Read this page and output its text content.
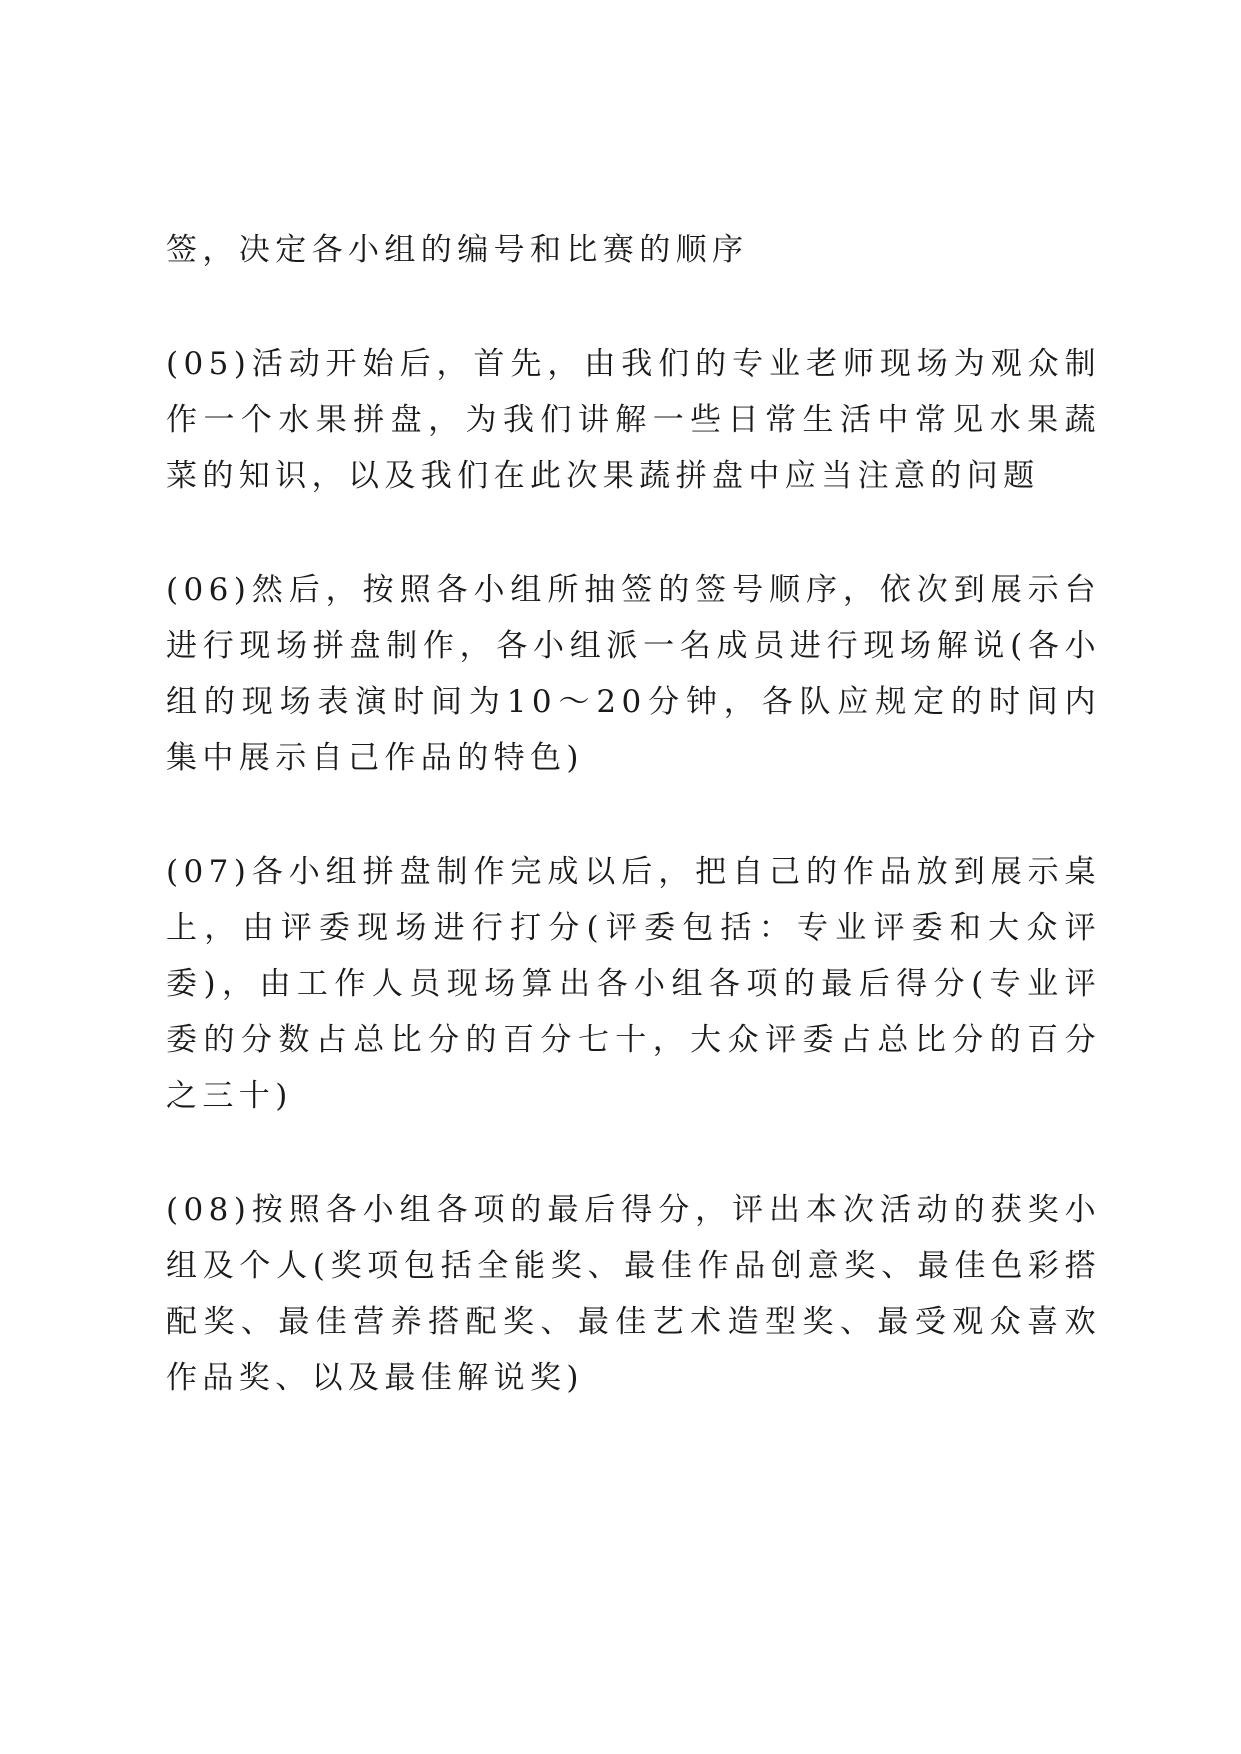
签，决定各小组的编号和比赛的顺序

(05)活动开始后，首先，由我们的专业老师现场为观众制作一个水果拼盘，为我们讲解一些日常生活中常见水果蔬菜的知识，以及我们在此次果蔬拼盘中应当注意的问题

(06)然后，按照各小组所抽签的签号顺序，依次到展示台进行现场拼盘制作，各小组派一名成员进行现场解说(各小组的现场表演时间为10～20分钟，各队应规定的时间内集中展示自己作品的特色)

(07)各小组拼盘制作完成以后，把自己的作品放到展示桌上，由评委现场进行打分(评委包括：专业评委和大众评委)，由工作人员现场算出各小组各项的最后得分(专业评委的分数占总比分的百分七十，大众评委占总比分的百分之三十)

(08)按照各小组各项的最后得分，评出本次活动的获奖小组及个人(奖项包括全能奖、最佳作品创意奖、最佳色彩搭配奖、最佳营养搭配奖、最佳艺术造型奖、最受观众喜欢作品奖、以及最佳解说奖)
